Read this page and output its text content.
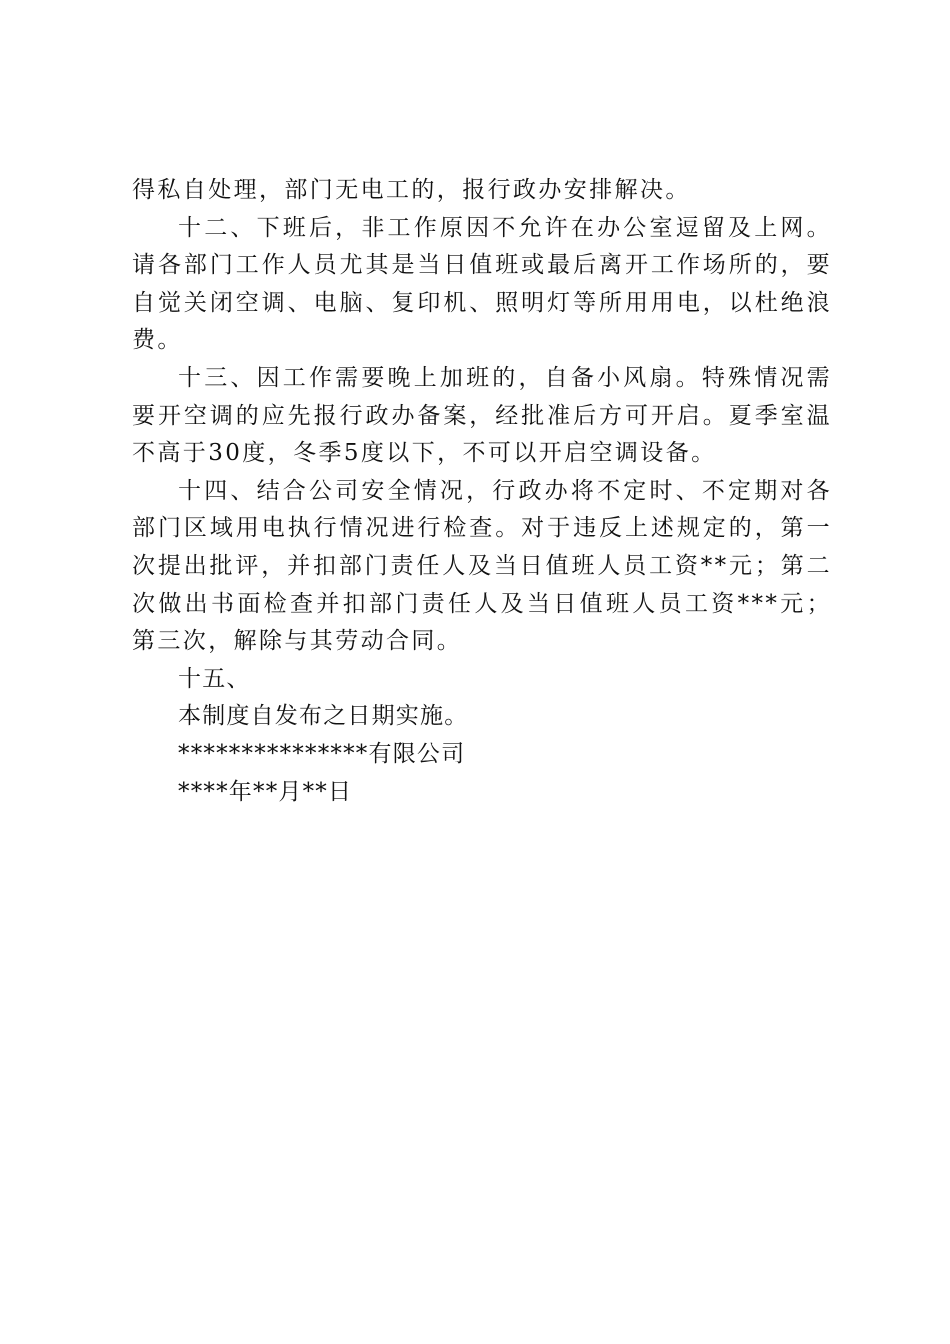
得私自处理，部门无电工的，报行政办安排解决。

十二、下班后，非工作原因不允许在办公室逗留及上网。请各部门工作人员尤其是当日值班或最后离开工作场所的，要自觉关闭空调、电脑、复印机、照明灯等所用用电，以杜绝浪费。

十三、因工作需要晚上加班的，自备小风扇。特殊情况需要开空调的应先报行政办备案，经批准后方可开启。夏季室温不高于30度，冬季5度以下，不可以开启空调设备。

十四、结合公司安全情况，行政办将不定时、不定期对各部门区域用电执行情况进行检查。对于违反上述规定的，第一次提出批评，并扣部门责任人及当日值班人员工资**元；第二次做出书面检查并扣部门责任人及当日值班人员工资***元；第三次，解除与其劳动合同。

十五、

本制度自发布之日期实施。

***************有限公司

****年**月**日
